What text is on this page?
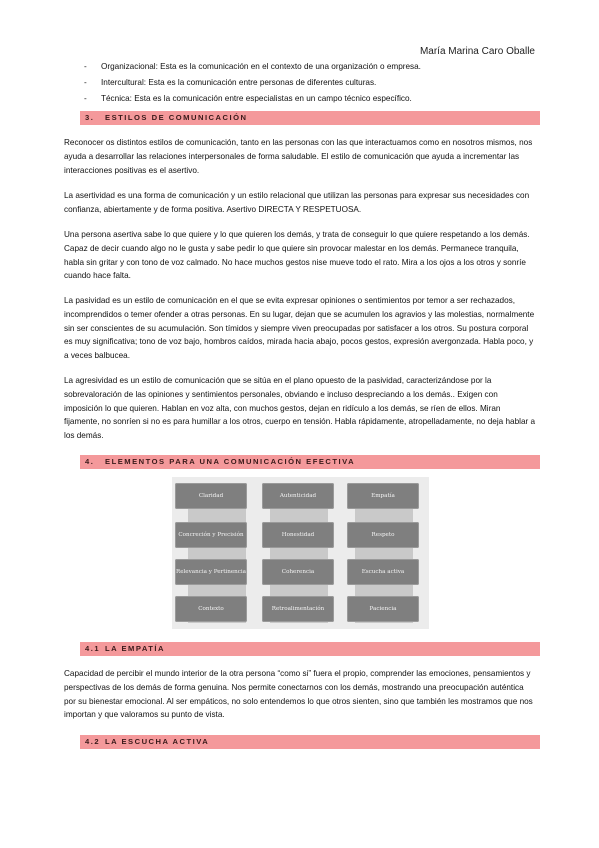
María Marina Caro Oballe
- Organizacional: Esta es la comunicación en el contexto de una organización o empresa.
- Intercultural: Esta es la comunicación entre personas de diferentes culturas.
- Técnica: Esta es la comunicación entre especialistas en un campo técnico específico.
3. ESTILOS DE COMUNICACIÓN

Reconocer os distintos estilos de comunicación, tanto en las personas con las que interactuamos como en nosotros mismos, nos ayuda a desarrollar las relaciones interpersonales de forma saludable. El estilo de comunicación que ayuda a incrementar las interacciones positivas es el asertivo.

La asertividad es una forma de comunicación y un estilo relacional que utilizan las personas para expresar sus necesidades con confianza, abiertamente y de forma positiva. Asertivo DIRECTA Y RESPETUOSA.

Una persona asertiva sabe lo que quiere y lo que quieren los demás, y trata de conseguir lo que quiere respetando a los demás. Capaz de decir cuando algo no le gusta y sabe pedir lo que quiere sin provocar malestar en los demás. Permanece tranquila, habla sin gritar y con tono de voz calmado. No hace muchos gestos nise mueve todo el rato. Mira a los ojos a los otros y sonríe cuando hace falta.

La pasividad es un estilo de comunicación en el que se evita expresar opiniones o sentimientos por temor a ser rechazados, incomprendidos o temer ofender a otras personas. En su lugar, dejan que se acumulen los agravios y las molestias, normalmente sin ser conscientes de su acumulación. Son tímidos y siempre viven preocupadas por satisfacer a los otros. Su postura corporal es muy significativa; tono de voz bajo, hombros caídos, mirada hacia abajo, pocos gestos, expresión avergonzada. Habla poco, y a veces balbucea.

La agresividad es un estilo de comunicación que se sitúa en el plano opuesto de la pasividad, caracterizándose por la sobrevaloración de las opiniones y sentimientos personales, obviando e incluso despreciando a los demás.. Exigen con imposición lo que quieren. Hablan en voz alta, con muchos gestos, dejan en ridículo a los demás, se ríen de ellos. Miran fijamente, no sonríen si no es para humillar a los otros, cuerpo en tensión. Habla rápidamente, atropelladamente, no deja hablar a los demás.

4. ELEMENTOS PARA UNA COMUNICACIÓN EFECTIVA
Claridad
Concreción y Precisión
Relevancia y Pertinencia
Contexto
Autenticidad
Honestidad
Coherencia
Retroalimentación
Empatía
Respeto
Escucha activa
Paciencia
4.1 LA EMPATÍA

Capacidad de percibir el mundo interior de la otra persona “como si” fuera el propio, comprender las emociones, pensamientos y perspectivas de los demás de forma genuina. Nos permite conectarnos con los demás, mostrando una preocupación auténtica por su bienestar emocional. Al ser empáticos, no solo entendemos lo que otros sienten, sino que también les mostramos que nos importan y que valoramos su punto de vista.

4.2 LA ESCUCHA ACTIVA
